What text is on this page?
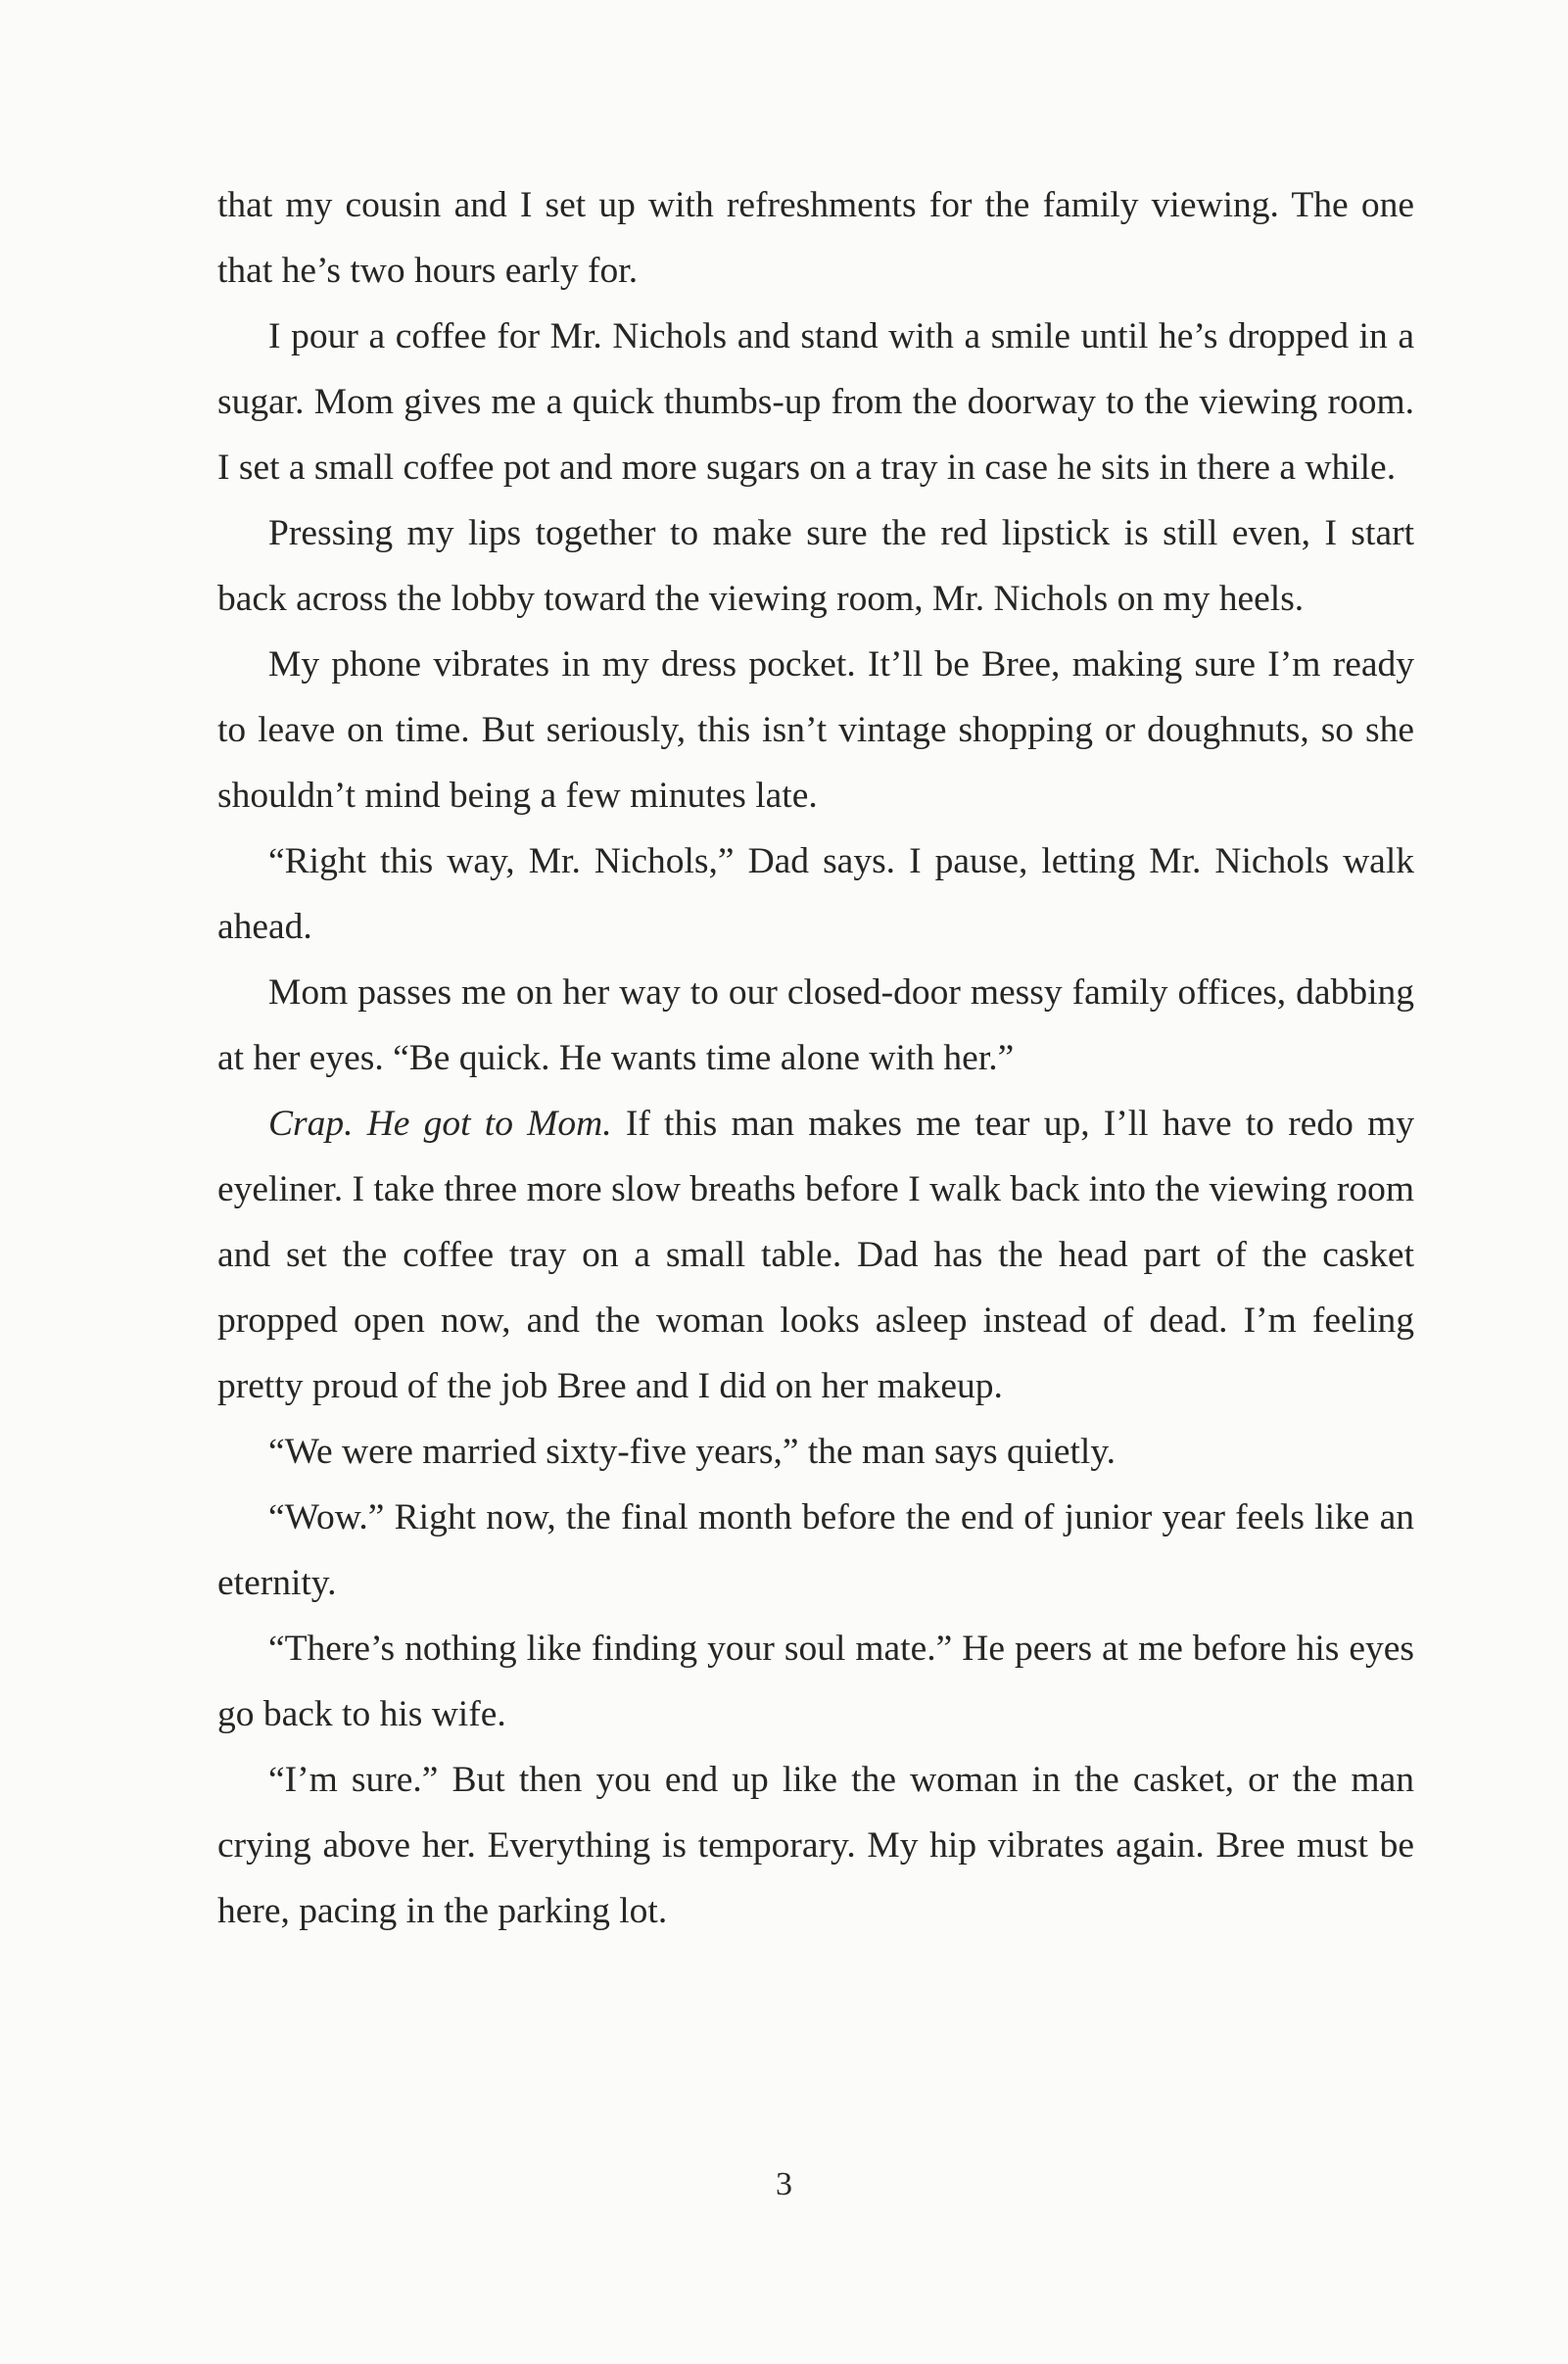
that my cousin and I set up with refreshments for the family viewing. The one that he’s two hours early for.

I pour a coffee for Mr. Nichols and stand with a smile until he’s dropped in a sugar. Mom gives me a quick thumbs-up from the doorway to the viewing room. I set a small coffee pot and more sugars on a tray in case he sits in there a while.

Pressing my lips together to make sure the red lipstick is still even, I start back across the lobby toward the viewing room, Mr. Nichols on my heels.

My phone vibrates in my dress pocket. It’ll be Bree, making sure I’m ready to leave on time. But seriously, this isn’t vintage shopping or doughnuts, so she shouldn’t mind being a few minutes late.

“Right this way, Mr. Nichols,” Dad says. I pause, letting Mr. Nichols walk ahead.

Mom passes me on her way to our closed-door messy family offices, dabbing at her eyes. “Be quick. He wants time alone with her.”

Crap. He got to Mom. If this man makes me tear up, I’ll have to redo my eyeliner. I take three more slow breaths before I walk back into the viewing room and set the coffee tray on a small table. Dad has the head part of the casket propped open now, and the woman looks asleep instead of dead. I’m feeling pretty proud of the job Bree and I did on her makeup.

“We were married sixty-five years,” the man says quietly.

“Wow.” Right now, the final month before the end of junior year feels like an eternity.

“There’s nothing like finding your soul mate.” He peers at me before his eyes go back to his wife.

“I’m sure.” But then you end up like the woman in the casket, or the man crying above her. Everything is temporary. My hip vibrates again. Bree must be here, pacing in the parking lot.

3
